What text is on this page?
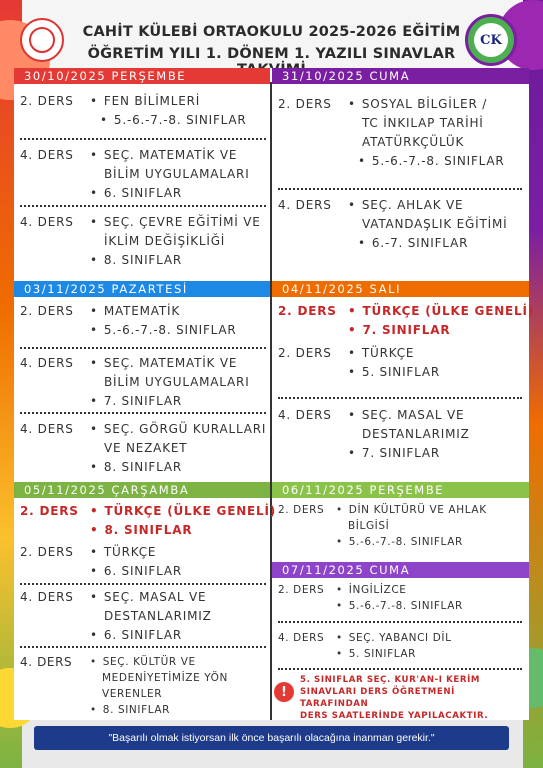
CAHİT KÜLEBİ ORTAOKULU 2025-2026 EĞİTİM
ÖĞRETİM YILI 1. DÖNEM 1. YAZILI SINAVLAR
CK
30/10/2025 PERŞEMBE	31/10/2025 CUMA
03/11/2025 PAZARTESİ	04/11/2025 SALI
05/11/2025 ÇARŞAMBA	06/11/2025 PERŞEMBE
07/11/2025 CUMA
2. DERS	• FEN BİLİMLERİ
• 5.-6.-7.-8. SINIFLAR
4. DERS	• SEÇ. MATEMATİK VE
BİLİM UYGULAMALARI
• 6. SINIFLAR
4. DERS	• SEÇ. ÇEVRE EĞİTİMİ VE
İKLİM DEĞİŞİKLİĞİ
• 8. SINIFLAR
2. DERS	• SOSYAL BİLGİLER /
TC İNKILAP TARİHİ
ATATÜRKÇÜLÜK
• 5.-6.-7.-8. SINIFLAR
4. DERS	• SEÇ. AHLAK VE
VATANDAŞLIK EĞİTİMİ
• 6.-7. SINIFLAR
2. DERS	• MATEMATİK
• 5.-6.-7.-8. SINIFLAR
4. DERS	• SEÇ. MATEMATİK VE
BİLİM UYGULAMALARI
• 7. SINIFLAR
4. DERS	• SEÇ. GÖRGÜ KURALLARI
VE NEZAKET
• 8. SINIFLAR
2. DERS	• TÜRKÇE (ÜLKE GENELİ)
• 7. SINIFLAR
2. DERS	• TÜRKÇE
• 5. SINIFLAR
4. DERS	• SEÇ. MASAL VE
DESTANLARIMIZ
• 7. SINIFLAR
2. DERS	• TÜRKÇE (ÜLKE GENELİ)
• 8. SINIFLAR
2. DERS	• TÜRKÇE
• 6. SINIFLAR
4. DERS	• SEÇ. MASAL VE
DESTANLARIMIZ
• 6. SINIFLAR
4. DERS	• SEÇ. KÜLTÜR VE
MEDENİYETİMİZE YÖN
VERENLER
• 8. SINIFLAR
2. DERS	• DİN KÜLTÜRÜ VE AHLAK
BİLGİSİ
• 5.-6.-7.-8. SINIFLAR
2. DERS	• İNGİLİZCE
• 5.-6.-7.-8. SINIFLAR
4. DERS	• SEÇ. YABANCI DİL
• 5. SINIFLAR
!
5. SINIFLAR SEÇ. KUR'AN-I KERİM
SINAVLARI DERS ÖĞRETMENİ TARAFINDAN
DERS SAATLERİNDE YAPILACAKTIR.
"Başarılı olmak istiyorsan ilk önce başarılı olacağına inanman gerekir."
